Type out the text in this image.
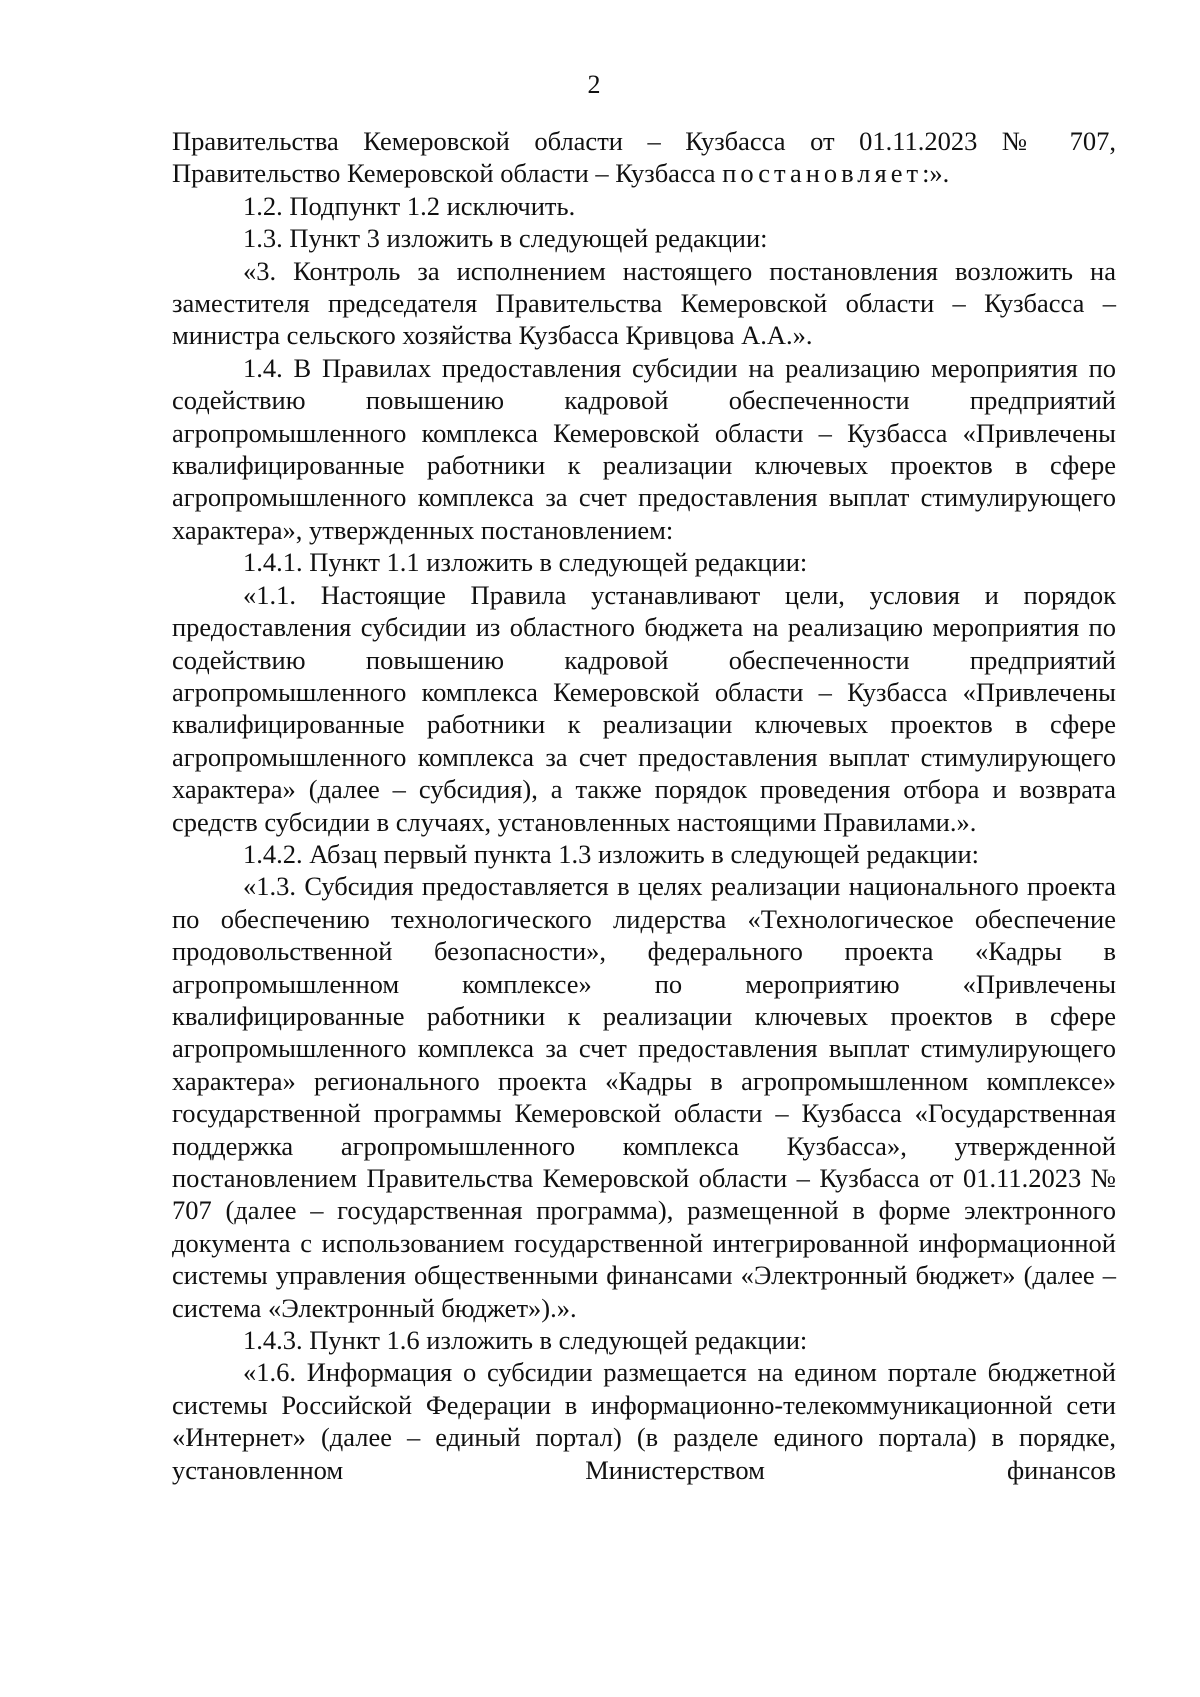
2

Правительства Кемеровской области – Кузбасса от 01.11.2023 № 707, Правительство Кемеровской области – Кузбасса постановляет:».

1.2. Подпункт 1.2 исключить.

1.3. Пункт 3 изложить в следующей редакции:

«3. Контроль за исполнением настоящего постановления возложить на заместителя председателя Правительства Кемеровской области – Кузбасса – министра сельского хозяйства Кузбасса Кривцова А.А.».

1.4. В Правилах предоставления субсидии на реализацию мероприятия по содействию повышению кадровой обеспеченности предприятий агропромышленного комплекса Кемеровской области – Кузбасса «Привлечены квалифицированные работники к реализации ключевых проектов в сфере агропромышленного комплекса за счет предоставления выплат стимулирующего характера», утвержденных постановлением:

1.4.1. Пункт 1.1 изложить в следующей редакции:

«1.1. Настоящие Правила устанавливают цели, условия и порядок предоставления субсидии из областного бюджета на реализацию мероприятия по содействию повышению кадровой обеспеченности предприятий агропромышленного комплекса Кемеровской области – Кузбасса «Привлечены квалифицированные работники к реализации ключевых проектов в сфере агропромышленного комплекса за счет предоставления выплат стимулирующего характера» (далее – субсидия), а также порядок проведения отбора и возврата средств субсидии в случаях, установленных настоящими Правилами.».

1.4.2. Абзац первый пункта 1.3 изложить в следующей редакции:

«1.3. Субсидия предоставляется в целях реализации национального проекта по обеспечению технологического лидерства «Технологическое обеспечение продовольственной безопасности», федерального проекта «Кадры в агропромышленном комплексе» по мероприятию «Привлечены квалифицированные работники к реализации ключевых проектов в сфере агропромышленного комплекса за счет предоставления выплат стимулирующего характера» регионального проекта «Кадры в агропромышленном комплексе» государственной программы Кемеровской области – Кузбасса «Государственная поддержка агропромышленного комплекса Кузбасса», утвержденной постановлением Правительства Кемеровской области – Кузбасса от 01.11.2023 № 707 (далее – государственная программа), размещенной в форме электронного документа с использованием государственной интегрированной информационной системы управления общественными финансами «Электронный бюджет» (далее – система «Электронный бюджет»).».

1.4.3. Пункт 1.6 изложить в следующей редакции:

«1.6. Информация о субсидии размещается на едином портале бюджетной системы Российской Федерации в информационно-телекоммуникационной сети «Интернет» (далее – единый портал) (в разделе единого портала) в порядке, установленном Министерством финансов
